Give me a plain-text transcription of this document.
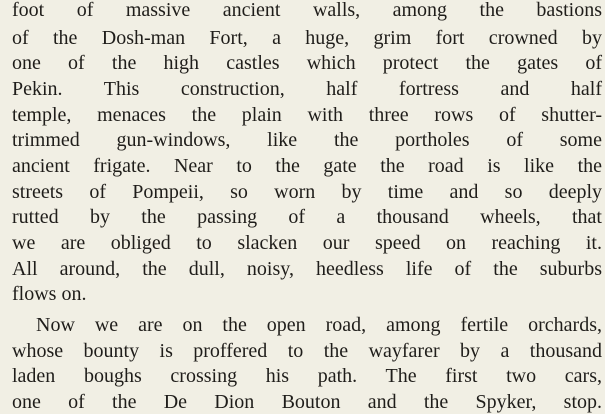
foot of massive ancient walls, among the bastions
of the Dosh-man Fort, a huge, grim fort crowned by
one of the high castles which protect the gates of
Pekin. This construction, half fortress and half
temple, menaces the plain with three rows of shutter-
trimmed gun-windows, like the portholes of some
ancient frigate. Near to the gate the road is like the
streets of Pompeii, so worn by time and so deeply
rutted by the passing of a thousand wheels, that
we are obliged to slacken our speed on reaching it.
All around, the dull, noisy, heedless life of the suburbs
flows on.
Now we are on the open road, among fertile orchards,
whose bounty is proffered to the wayfarer by a thousand
laden boughs crossing his path. The first two cars,
one of the De Dion Bouton and the Spyker, stop.
